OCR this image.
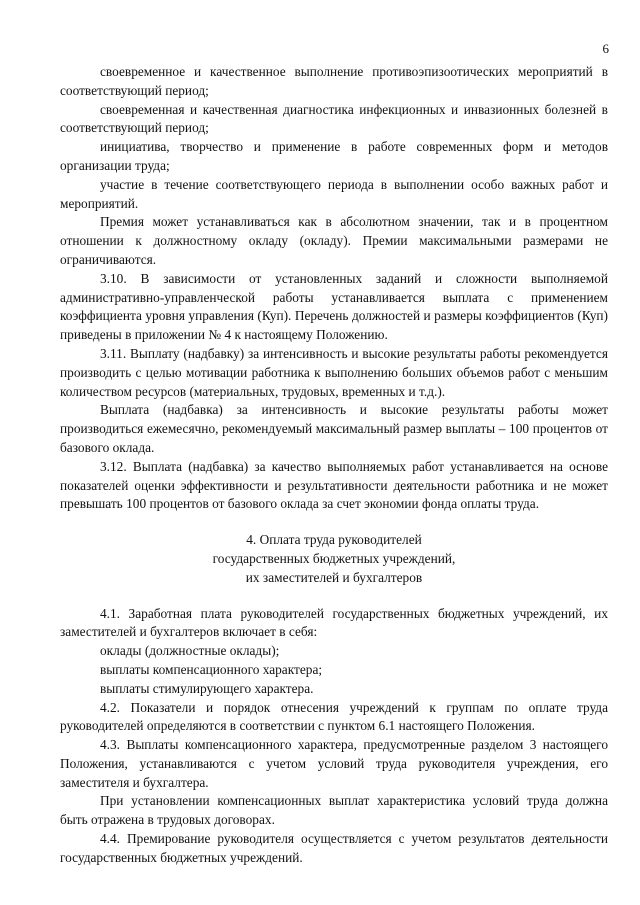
6

своевременное и качественное выполнение противоэпизоотических мероприятий в соответствующий период;

своевременная и качественная диагностика инфекционных и инвазионных болезней в соответствующий период;

инициатива, творчество и применение в работе современных форм и методов организации труда;

участие в течение соответствующего периода в выполнении особо важных работ и мероприятий.

Премия может устанавливаться как в абсолютном значении, так и в процентном отношении к должностному окладу (окладу). Премии максимальными размерами не ограничиваются.

3.10. В зависимости от установленных заданий и сложности выполняемой административно-управленческой работы устанавливается выплата с применением коэффициента уровня управления (Куп). Перечень должностей и размеры коэффициентов (Куп) приведены в приложении № 4 к настоящему Положению.

3.11. Выплату (надбавку) за интенсивность и высокие результаты работы рекомендуется производить с целью мотивации работника к выполнению больших объемов работ с меньшим количеством ресурсов (материальных, трудовых, временных и т.д.).

Выплата (надбавка) за интенсивность и высокие результаты работы может производиться ежемесячно, рекомендуемый максимальный размер выплаты – 100 процентов от базового оклада.

3.12. Выплата (надбавка) за качество выполняемых работ устанавливается на основе показателей оценки эффективности и результативности деятельности работника и не может превышать 100 процентов от базового оклада за счет экономии фонда оплаты труда.

4. Оплата труда руководителей
государственных бюджетных учреждений,
их заместителей и бухгалтеров

4.1. Заработная плата руководителей государственных бюджетных учреждений, их заместителей и бухгалтеров включает в себя:

оклады (должностные оклады);

выплаты компенсационного характера;

выплаты стимулирующего характера.

4.2. Показатели и порядок отнесения учреждений к группам по оплате труда руководителей определяются в соответствии с пунктом 6.1 настоящего Положения.

4.3. Выплаты компенсационного характера, предусмотренные разделом 3 настоящего Положения, устанавливаются с учетом условий труда руководителя учреждения, его заместителя и бухгалтера.

При установлении компенсационных выплат характеристика условий труда должна быть отражена в трудовых договорах.

4.4. Премирование руководителя осуществляется с учетом результатов деятельности государственных бюджетных учреждений.
